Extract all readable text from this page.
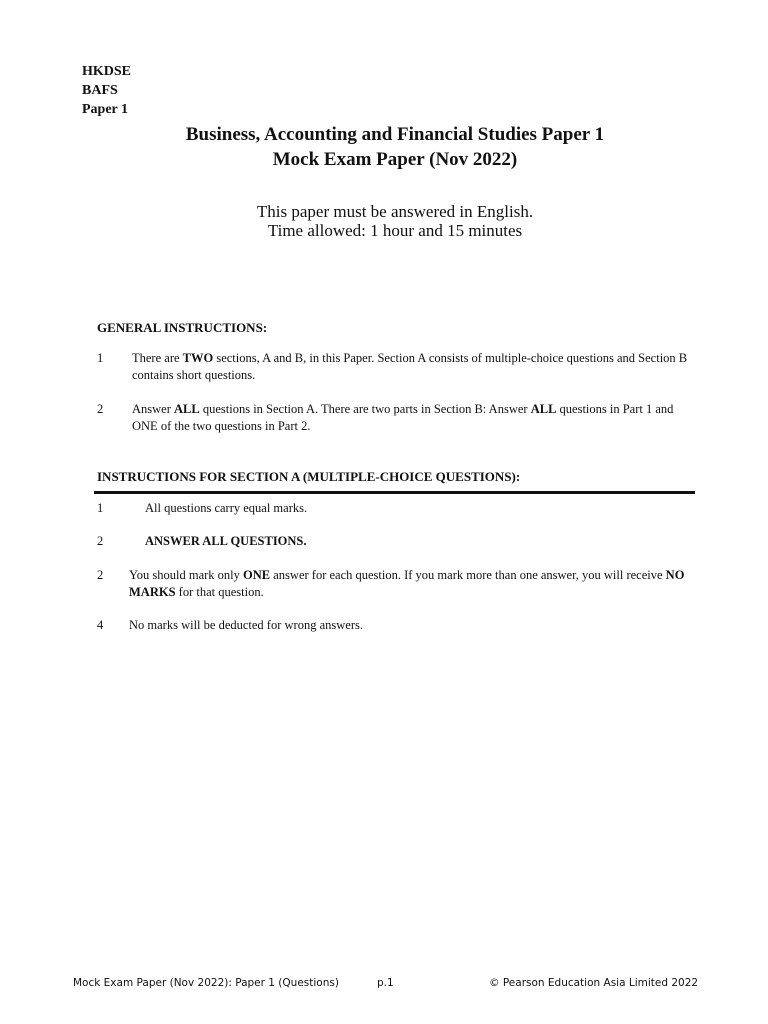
HKDSE
BAFS
Paper 1
Business, Accounting and Financial Studies Paper 1
Mock Exam Paper (Nov 2022)
This paper must be answered in English.
Time allowed: 1 hour and 15 minutes
GENERAL INSTRUCTIONS:
1 There are TWO sections, A and B, in this Paper. Section A consists of multiple-choice questions and Section B contains short questions.
2 Answer ALL questions in Section A. There are two parts in Section B: Answer ALL questions in Part 1 and ONE of the two questions in Part 2.
INSTRUCTIONS FOR SECTION A (MULTIPLE-CHOICE QUESTIONS):
1	All questions carry equal marks.
2	ANSWER ALL QUESTIONS.
2 You should mark only ONE answer for each question. If you mark more than one answer, you will receive NO MARKS for that question.
4 No marks will be deducted for wrong answers.
Mock Exam Paper (Nov 2022): Paper 1 (Questions)	p.1	© Pearson Education Asia Limited 2022
